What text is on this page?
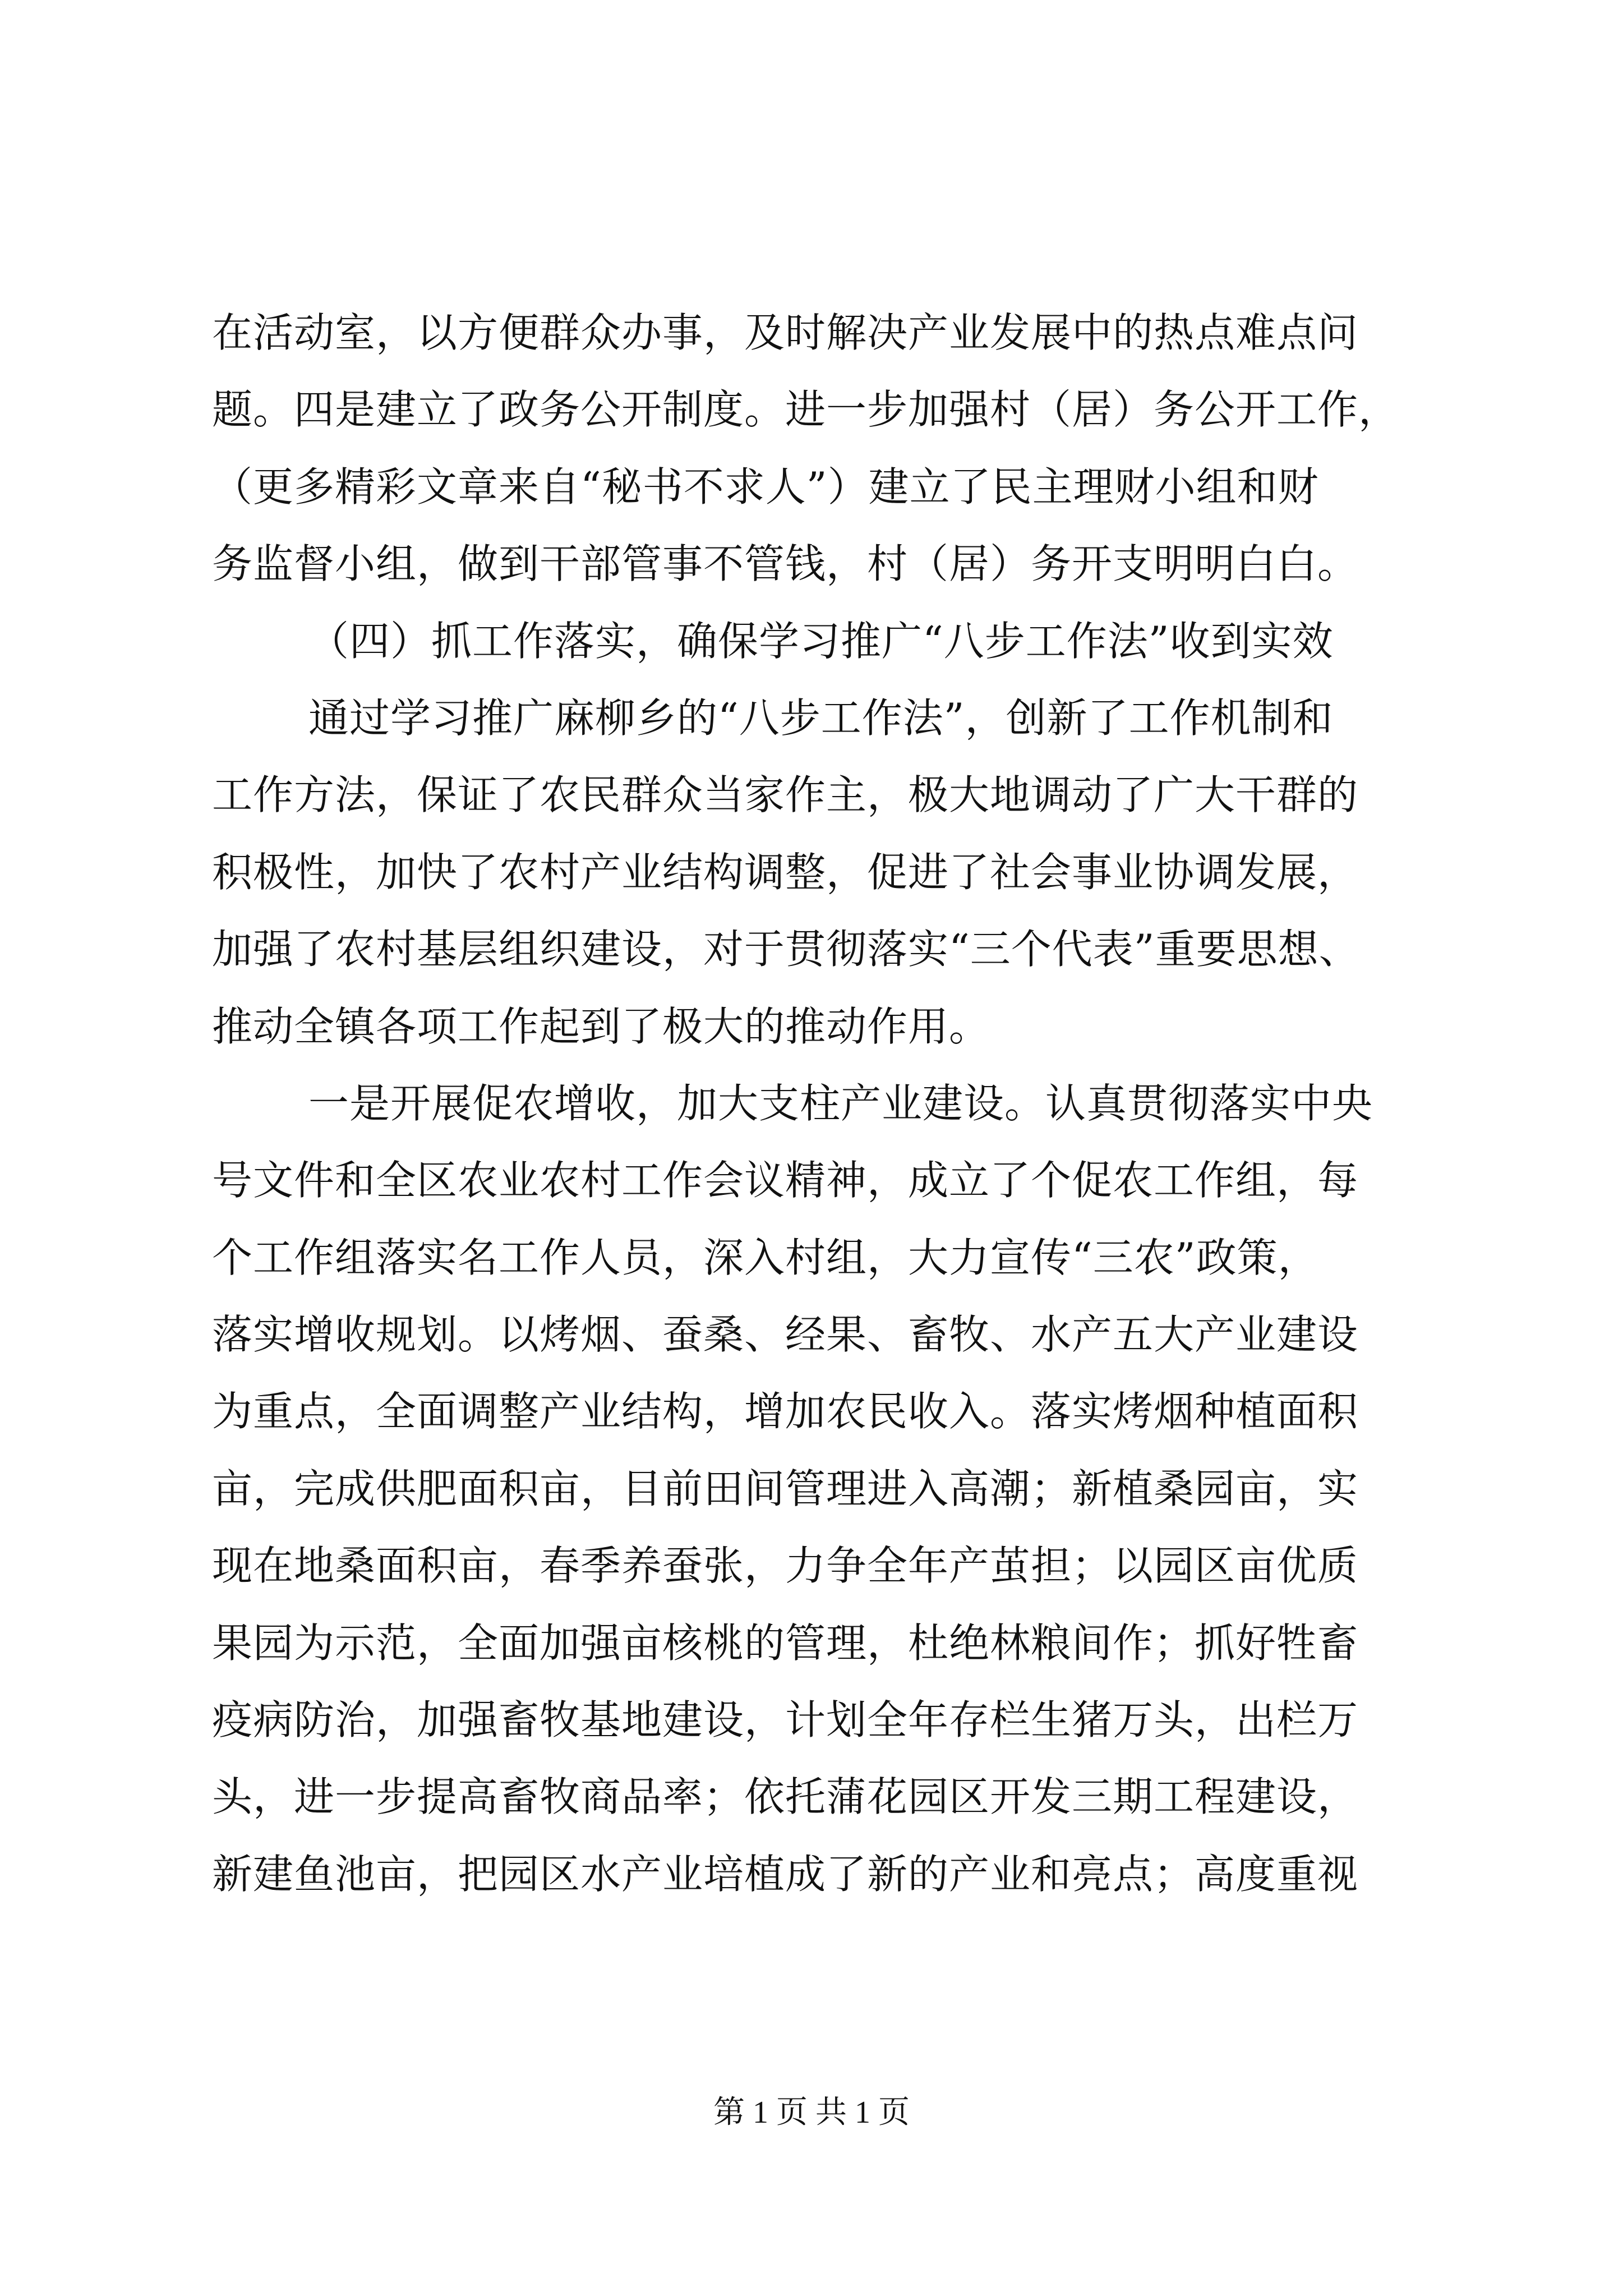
在活动室，以方便群众办事，及时解决产业发展中的热点难点问
题。四是建立了政务公开制度。进一步加强村（居）务公开工作，
（更多精彩文章来自“秘书不求人”）建立了民主理财小组和财
务监督小组，做到干部管事不管钱，村（居）务开支明明白白。
（四）抓工作落实，确保学习推广“八步工作法”收到实效
通过学习推广麻柳乡的“八步工作法”，创新了工作机制和
工作方法，保证了农民群众当家作主，极大地调动了广大干群的
积极性，加快了农村产业结构调整，促进了社会事业协调发展，
加强了农村基层组织建设，对于贯彻落实“三个代表”重要思想、
推动全镇各项工作起到了极大的推动作用。
一是开展促农增收，加大支柱产业建设。认真贯彻落实中央
号文件和全区农业农村工作会议精神，成立了个促农工作组，每
个工作组落实名工作人员，深入村组，大力宣传“三农”政策，
落实增收规划。以烤烟、蚕桑、经果、畜牧、水产五大产业建设
为重点，全面调整产业结构，增加农民收入。落实烤烟种植面积
亩，完成供肥面积亩，目前田间管理进入高潮；新植桑园亩，实
现在地桑面积亩，春季养蚕张，力争全年产茧担；以园区亩优质
果园为示范，全面加强亩核桃的管理，杜绝林粮间作；抓好牲畜
疫病防治，加强畜牧基地建设，计划全年存栏生猪万头，出栏万
头，进一步提高畜牧商品率；依托蒲花园区开发三期工程建设，
新建鱼池亩，把园区水产业培植成了新的产业和亮点；高度重视
第 1 页 共 1 页
